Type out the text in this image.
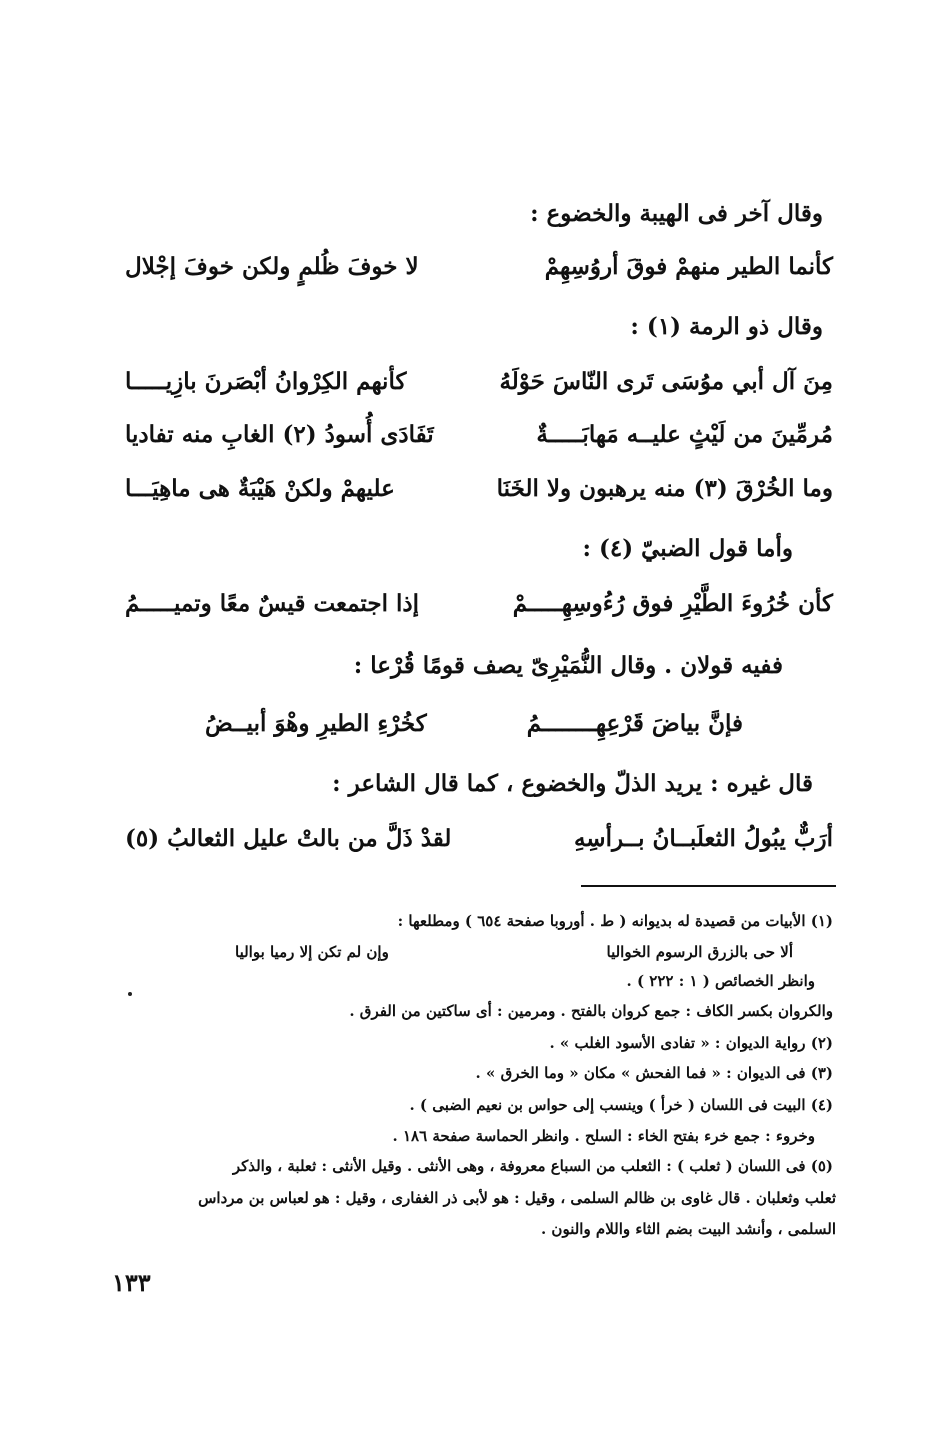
وقال آخر فى الهيبة والخضوع :
كأنما الطير منهمْ فوقَ أروُسِهِمْ
لا خوفَ ظُلمٍ ولكن خوفَ إجْلال
وقال ذو الرمة (١) :
مِنَ آل أبي موُسَى تَرى النّاسَ حَوْلَهُ
كأنهم الكِرْوانُ أبْصَرنَ بازِيـــــا
مُرمِّينَ من لَيْثٍ عليــه مَهابَـــــةٌ
تَفَادَى أُسودُ (٢) الغابِ منه تفاديا
وما الخُرْقَ (٣) منه يرهبون ولا الخَنَا
عليهمْ ولكنْ هَيْبَةٌ هى ماهِيَـــا
وأما قول الضبيّ (٤) :
كأن خُرُوءَ الطَّيْرِ فوق رُءُوسِهِـــــمْ
إذا اجتمعت قيسٌ معًا وتميـــــمُ
ففيه قولان . وقال النُّمَيْرِىّ يصف قومًا قُرْعا :
فإنَّ بياضَ قَرْعِهِــــــــمُ
كخُرْءِ الطيرِ وهْوَ أبيــضُ
قال غيره : يريد الذلّ والخضوع ، كما قال الشاعر :
أرَبٌّ يبُولُ الثعلَبــانُ بــرأسِهِ
لقدْ ذَلَّ من بالتْ عليل الثعالبُ (٥)
(١) الأبيات من قصيدة له بديوانه ( ط . أوروبا صفحة ٦٥٤ ) ومطلعها :
ألا حى بالزرق الرسوم الخواليا
وإن لم تكن إلا رميا بواليا
وانظر الخصائص ( ١ : ٢٢٢ ) .
والكروان بكسر الكاف : جمع كروان بالفتح . ومرمين : أى ساكتين من الفرق .
(٢) رواية الديوان : « تفادى الأسود الغلب » .
(٣) فى الديوان : « فما الفحش » مكان « وما الخرق » .
(٤) البيت فى اللسان ( خرأ ) وينسب إلى حواس بن نعيم الضبى ) .
وخروء : جمع خرء بفتح الخاء : السلح . وانظر الحماسة صفحة ١٨٦ .
(٥) فى اللسان ( ثعلب ) : الثعلب من السباع معروفة ، وهى الأنثى . وقيل الأنثى : ثعلبة ، والذكر
ثعلب وثعلبان . قال غاوى بن ظالم السلمى ، وقيل : هو لأبى ذر الغفارى ، وقيل : هو لعباس بن مرداس
السلمى ، وأنشد البيت بضم الثاء واللام والنون .
١٣٣
